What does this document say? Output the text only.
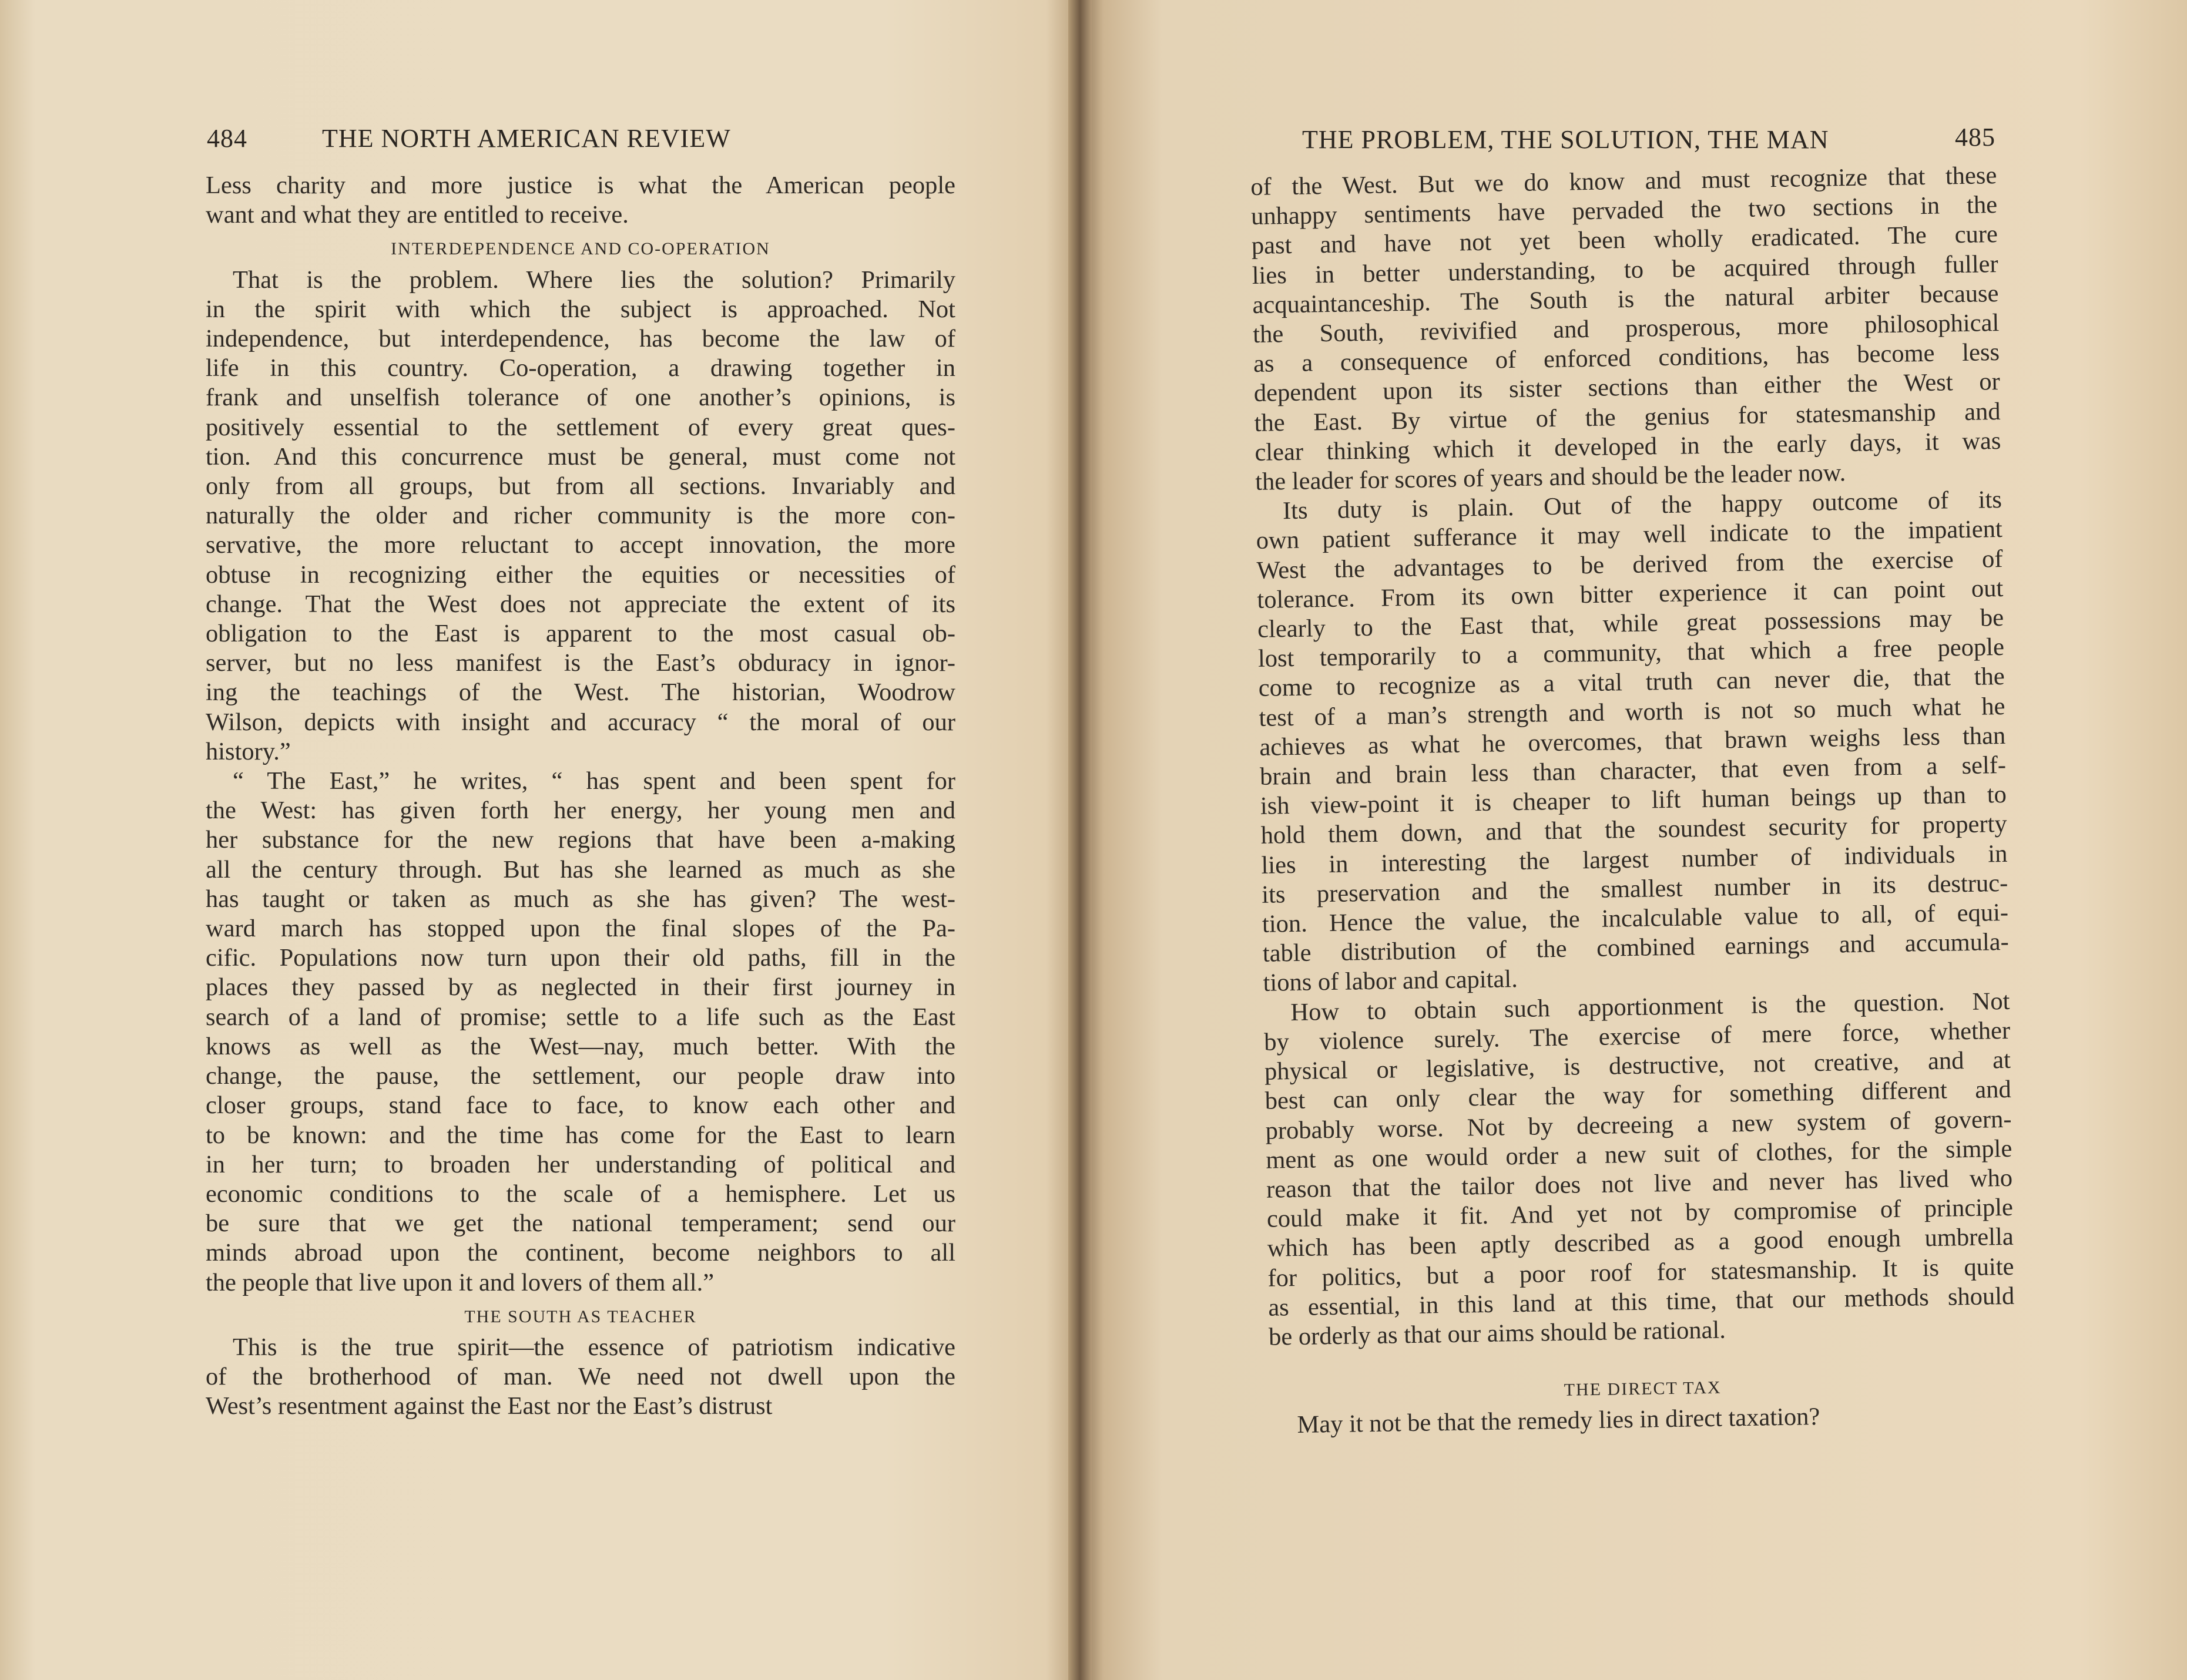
484	THE NORTH AMERICAN REVIEW
Less charity and more justice is what the American people
want and what they are entitled to receive.
INTERDEPENDENCE AND CO-OPERATION
That is the problem. Where lies the solution? Primarily
in the spirit with which the subject is approached. Not
independence, but interdependence, has become the law of
life in this country. Co-operation, a drawing together in
frank and unselfish tolerance of one another’s opinions, is
positively essential to the settlement of every great ques-
tion. And this concurrence must be general, must come not
only from all groups, but from all sections. Invariably and
naturally the older and richer community is the more con-
servative, the more reluctant to accept innovation, the more
obtuse in recognizing either the equities or necessities of
change. That the West does not appreciate the extent of its
obligation to the East is apparent to the most casual ob-
server, but no less manifest is the East’s obduracy in ignor-
ing the teachings of the West. The historian, Woodrow
Wilson, depicts with insight and accuracy “ the moral of our
history.”
“ The East,” he writes, “ has spent and been spent for
the West: has given forth her energy, her young men and
her substance for the new regions that have been a-making
all the century through. But has she learned as much as she
has taught or taken as much as she has given? The west-
ward march has stopped upon the final slopes of the Pa-
cific. Populations now turn upon their old paths, fill in the
places they passed by as neglected in their first journey in
search of a land of promise; settle to a life such as the East
knows as well as the West—nay, much better. With the
change, the pause, the settlement, our people draw into
closer groups, stand face to face, to know each other and
to be known: and the time has come for the East to learn
in her turn; to broaden her understanding of political and
economic conditions to the scale of a hemisphere. Let us
be sure that we get the national temperament; send our
minds abroad upon the continent, become neighbors to all
the people that live upon it and lovers of them all.”
THE SOUTH AS TEACHER
This is the true spirit—the essence of patriotism indicative
of the brotherhood of man. We need not dwell upon the
West’s resentment against the East nor the East’s distrust
THE PROBLEM, THE SOLUTION, THE MAN	485
of the West. But we do know and must recognize that these
unhappy sentiments have pervaded the two sections in the
past and have not yet been wholly eradicated. The cure
lies in better understanding, to be acquired through fuller
acquaintanceship. The South is the natural arbiter because
the South, revivified and prosperous, more philosophical
as a consequence of enforced conditions, has become less
dependent upon its sister sections than either the West or
the East. By virtue of the genius for statesmanship and
clear thinking which it developed in the early days, it was
the leader for scores of years and should be the leader now.
Its duty is plain. Out of the happy outcome of its
own patient sufferance it may well indicate to the impatient
West the advantages to be derived from the exercise of
tolerance. From its own bitter experience it can point out
clearly to the East that, while great possessions may be
lost temporarily to a community, that which a free people
come to recognize as a vital truth can never die, that the
test of a man’s strength and worth is not so much what he
achieves as what he overcomes, that brawn weighs less than
brain and brain less than character, that even from a self-
ish view-point it is cheaper to lift human beings up than to
hold them down, and that the soundest security for property
lies in interesting the largest number of individuals in
its preservation and the smallest number in its destruc-
tion. Hence the value, the incalculable value to all, of equi-
table distribution of the combined earnings and accumula-
tions of labor and capital.
How to obtain such apportionment is the question. Not
by violence surely. The exercise of mere force, whether
physical or legislative, is destructive, not creative, and at
best can only clear the way for something different and
probably worse. Not by decreeing a new system of govern-
ment as one would order a new suit of clothes, for the simple
reason that the tailor does not live and never has lived who
could make it fit. And yet not by compromise of principle
which has been aptly described as a good enough umbrella
for politics, but a poor roof for statesmanship. It is quite
as essential, in this land at this time, that our methods should
be orderly as that our aims should be rational.
THE DIRECT TAX
May it not be that the remedy lies in direct taxation?
